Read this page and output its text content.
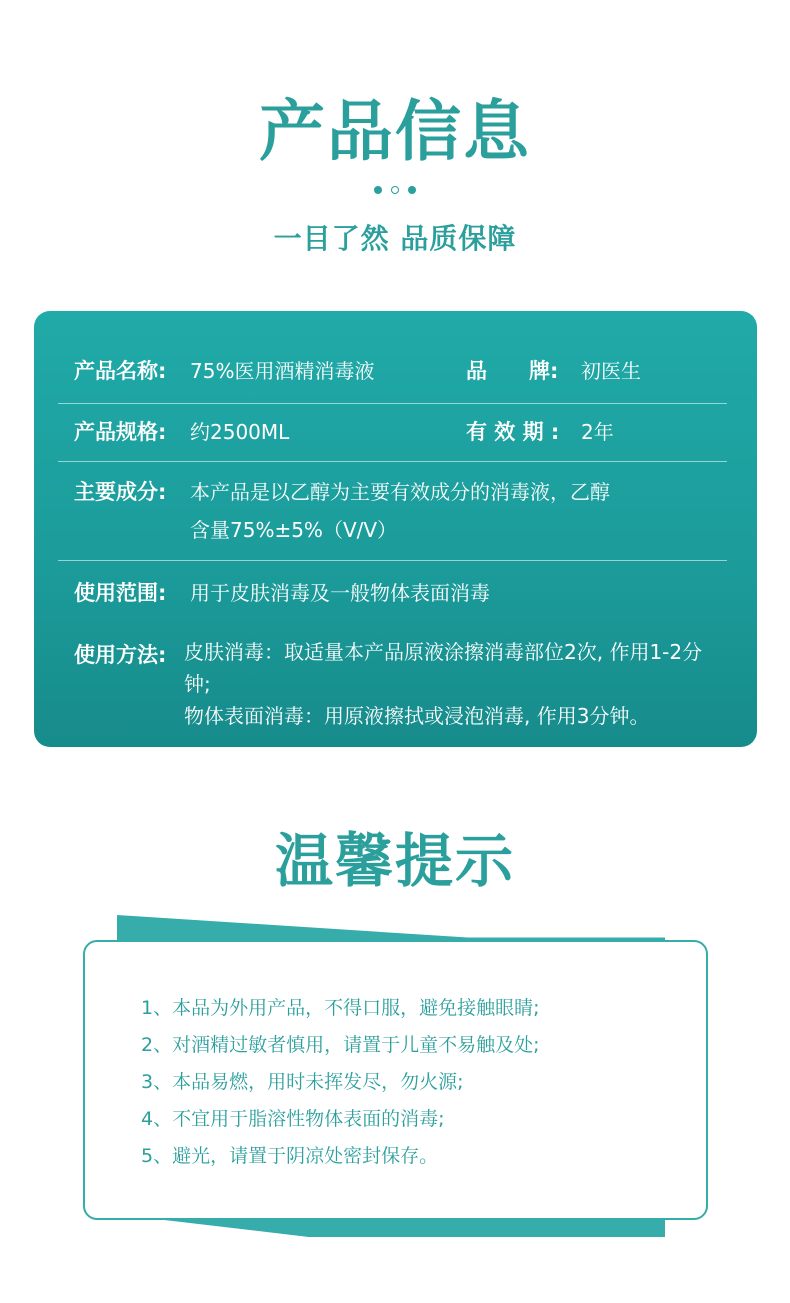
产品信息
一目了然 品质保障
产品名称: 75%医用酒精消毒液	品　　牌: 初医生
产品规格: 约2500ML	有 效 期 : 2年
主要成分: 本产品是以乙醇为主要有效成分的消毒液，乙醇
含量75%±5%（V/V）
使用范围: 用于皮肤消毒及一般物体表面消毒
使用方法: 皮肤消毒：取适量本产品原液涂擦消毒部位2次, 作用1-2分钟;
物体表面消毒：用原液擦拭或浸泡消毒, 作用3分钟。
温馨提示
1、本品为外用产品，不得口服，避免接触眼睛;
2、对酒精过敏者慎用，请置于儿童不易触及处;
3、本品易燃，用时未挥发尽，勿火源;
4、不宜用于脂溶性物体表面的消毒;
5、避光，请置于阴凉处密封保存。
